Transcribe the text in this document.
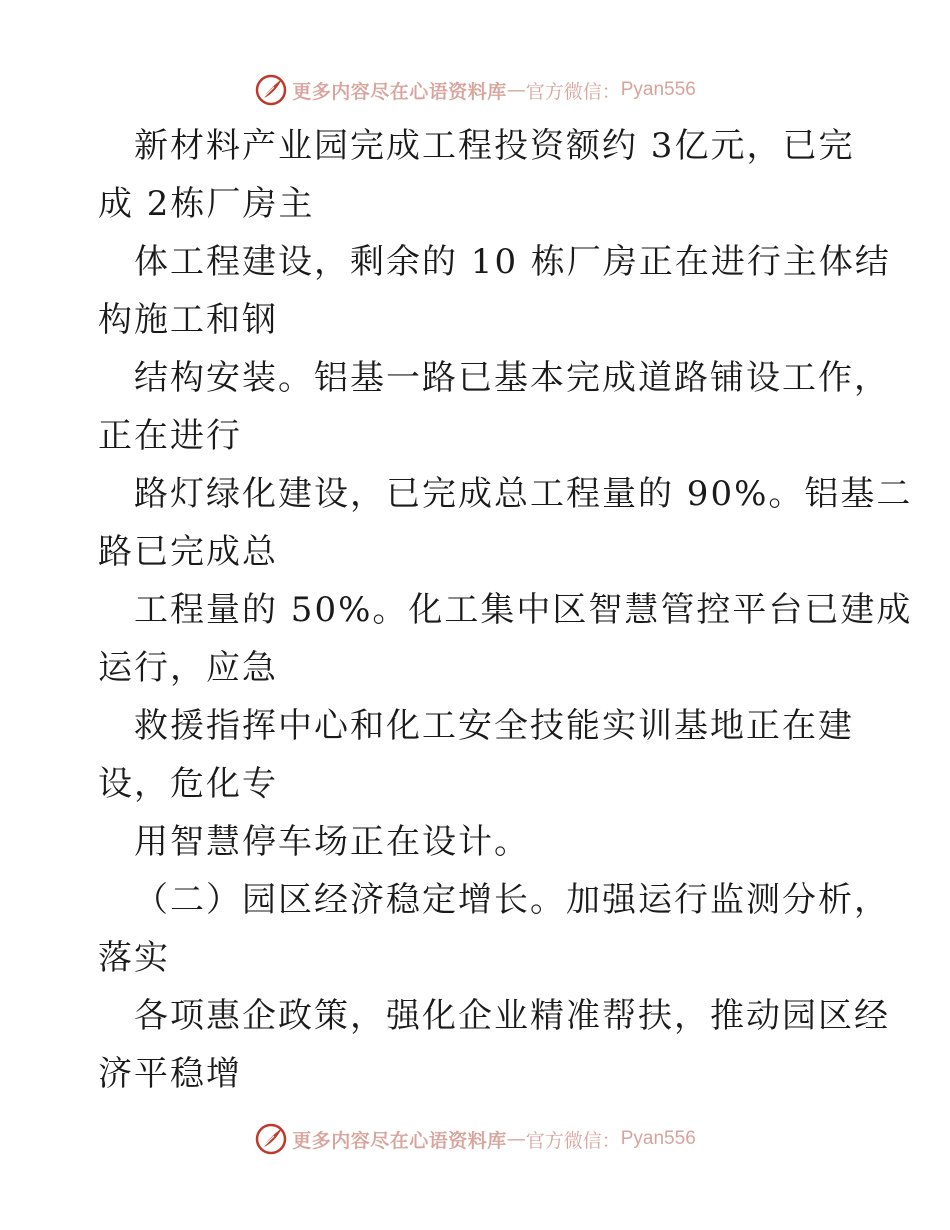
更多内容尽在心语资料库 — 官方微信： Pyan556
新材料产业园完成工程投资额约 3亿元，已完
成 2栋厂房主
体工程建设，剩余的 10 栋厂房正在进行主体结
构施工和钢
结构安装。铝基一路已基本完成道路铺设工作，
正在进行
路灯绿化建设，已完成总工程量的 90%。铝基二
路已完成总
工程量的 50%。化工集中区智慧管控平台已建成
运行，应急
救援指挥中心和化工安全技能实训基地正在建
设，危化专
用智慧停车场正在设计。
（二）园区经济稳定增长。加强运行监测分析，
落实
各项惠企政策，强化企业精准帮扶，推动园区经
济平稳增
更多内容尽在心语资料库 — 官方微信： Pyan556
